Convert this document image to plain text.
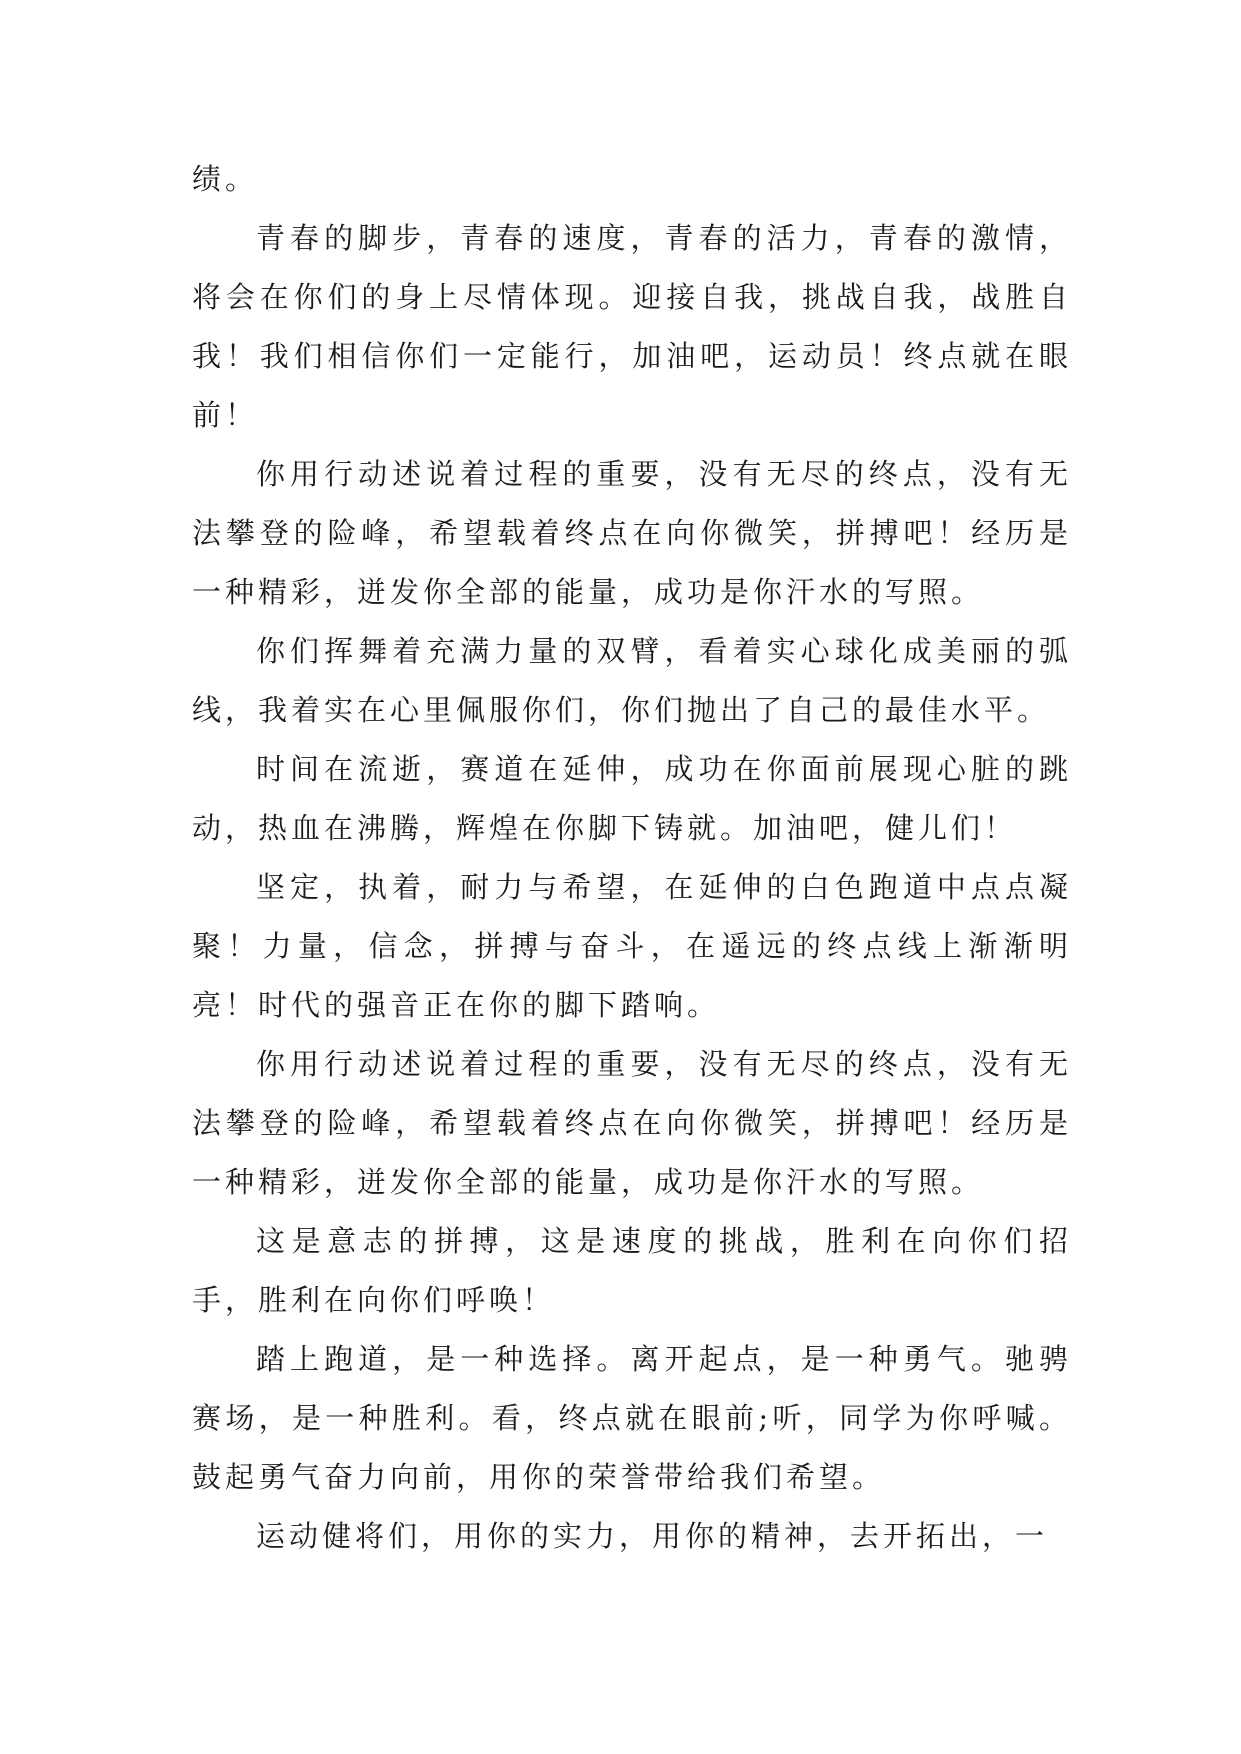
绩。

青春的脚步，青春的速度，青春的活力，青春的激情，将会在你们的身上尽情体现。迎接自我，挑战自我，战胜自我！我们相信你们一定能行，加油吧，运动员！终点就在眼前！

你用行动述说着过程的重要，没有无尽的终点，没有无法攀登的险峰，希望载着终点在向你微笑，拼搏吧！经历是一种精彩，迸发你全部的能量，成功是你汗水的写照。

你们挥舞着充满力量的双臂，看着实心球化成美丽的弧线，我着实在心里佩服你们，你们抛出了自己的最佳水平。

时间在流逝，赛道在延伸，成功在你面前展现心脏的跳动，热血在沸腾，辉煌在你脚下铸就。加油吧，健儿们！

坚定，执着，耐力与希望，在延伸的白色跑道中点点凝聚！力量，信念，拼搏与奋斗，在遥远的终点线上渐渐明亮！时代的强音正在你的脚下踏响。

你用行动述说着过程的重要，没有无尽的终点，没有无法攀登的险峰，希望载着终点在向你微笑，拼搏吧！经历是一种精彩，迸发你全部的能量，成功是你汗水的写照。

这是意志的拼搏，这是速度的挑战，胜利在向你们招手，胜利在向你们呼唤！

踏上跑道，是一种选择。离开起点，是一种勇气。驰骋赛场，是一种胜利。看，终点就在眼前;听，同学为你呼喊。鼓起勇气奋力向前，用你的荣誉带给我们希望。

运动健将们，用你的实力，用你的精神，去开拓出，一
